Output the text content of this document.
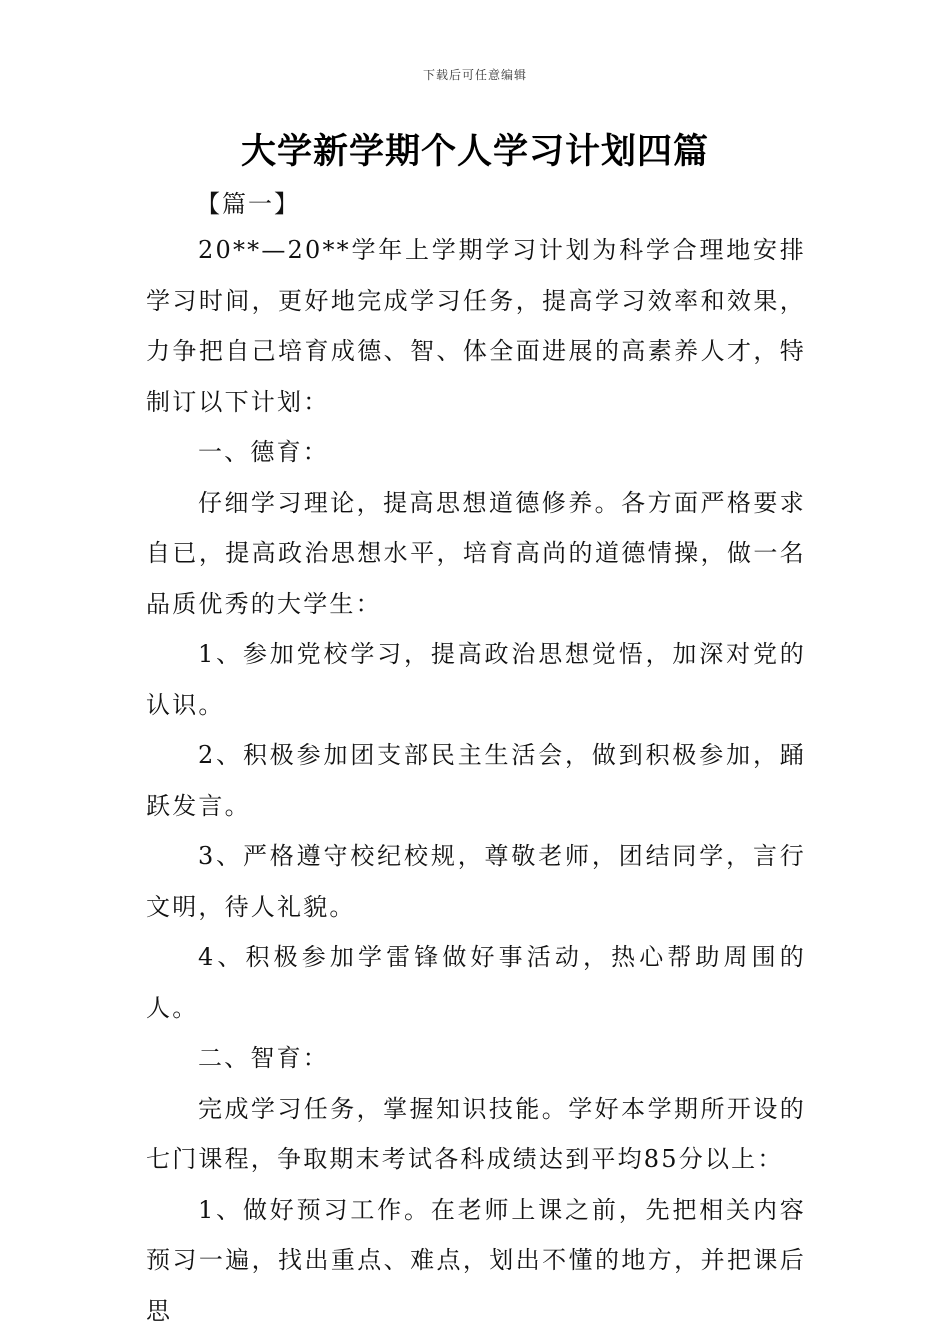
下载后可任意编辑
大学新学期个人学习计划四篇
【篇一】

20**—20**学年上学期学习计划为科学合理地安排学习时间，更好地完成学习任务，提高学习效率和效果，力争把自己培育成德、智、体全面进展的高素养人才，特制订以下计划：

一、德育：

仔细学习理论，提高思想道德修养。各方面严格要求自已，提高政治思想水平，培育高尚的道德情操，做一名品质优秀的大学生：

1、参加党校学习，提高政治思想觉悟，加深对党的认识。

2、积极参加团支部民主生活会，做到积极参加，踊跃发言。

3、严格遵守校纪校规，尊敬老师，团结同学，言行文明，待人礼貌。

4、积极参加学雷锋做好事活动，热心帮助周围的人。

二、智育：

完成学习任务，掌握知识技能。学好本学期所开设的七门课程，争取期末考试各科成绩达到平均85分以上：

1、做好预习工作。在老师上课之前，先把相关内容预习一遍，找出重点、难点，划出不懂的地方，并把课后思
